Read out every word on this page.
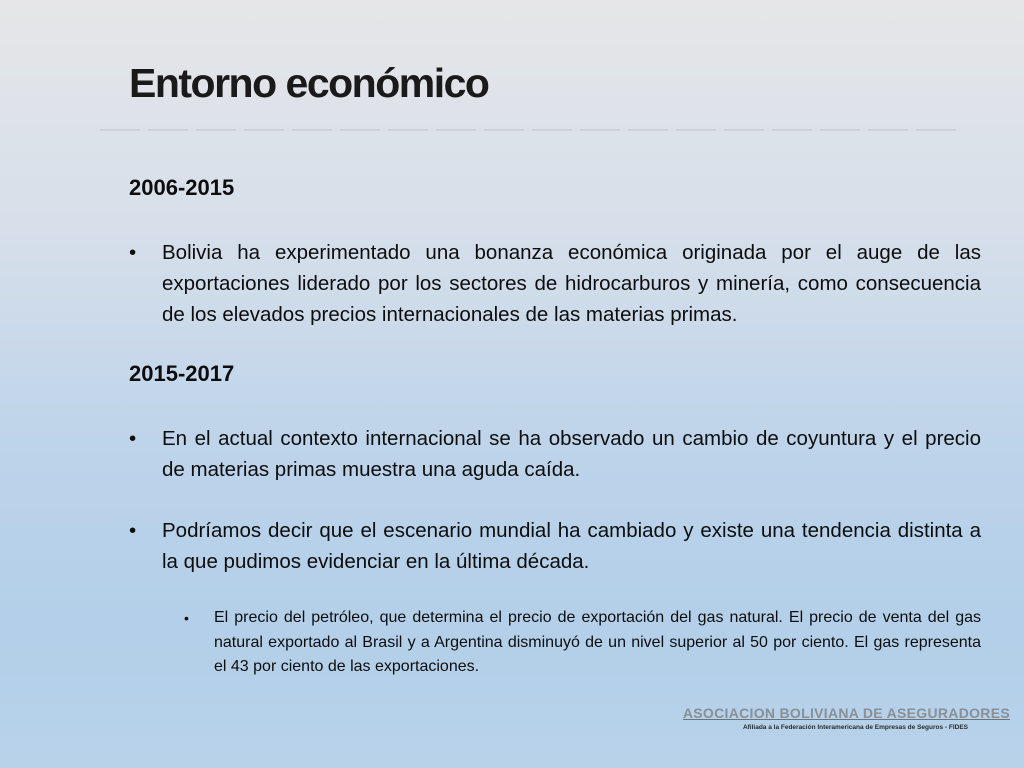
Entorno económico
2006-2015
• Bolivia ha experimentado una bonanza económica originada por el auge de las exportaciones liderado por los sectores de hidrocarburos y minería, como consecuencia de los elevados precios internacionales de las materias primas.
2015-2017
• En el actual contexto internacional se ha observado un cambio de coyuntura y el precio de materias primas muestra una aguda caída.
• Podríamos decir que el escenario mundial ha cambiado y existe una tendencia distinta a la que pudimos evidenciar en la última década.
• El precio del petróleo, que determina el precio de exportación del gas natural. El precio de venta del gas natural exportado al Brasil y a Argentina disminuyó de un nivel superior al 50 por ciento. El gas representa el 43 por ciento de las exportaciones.
ASOCIACION BOLIVIANA DE ASEGURADORES
Afiliada a la Federación Interamericana de Empresas de Seguros - FIDES
